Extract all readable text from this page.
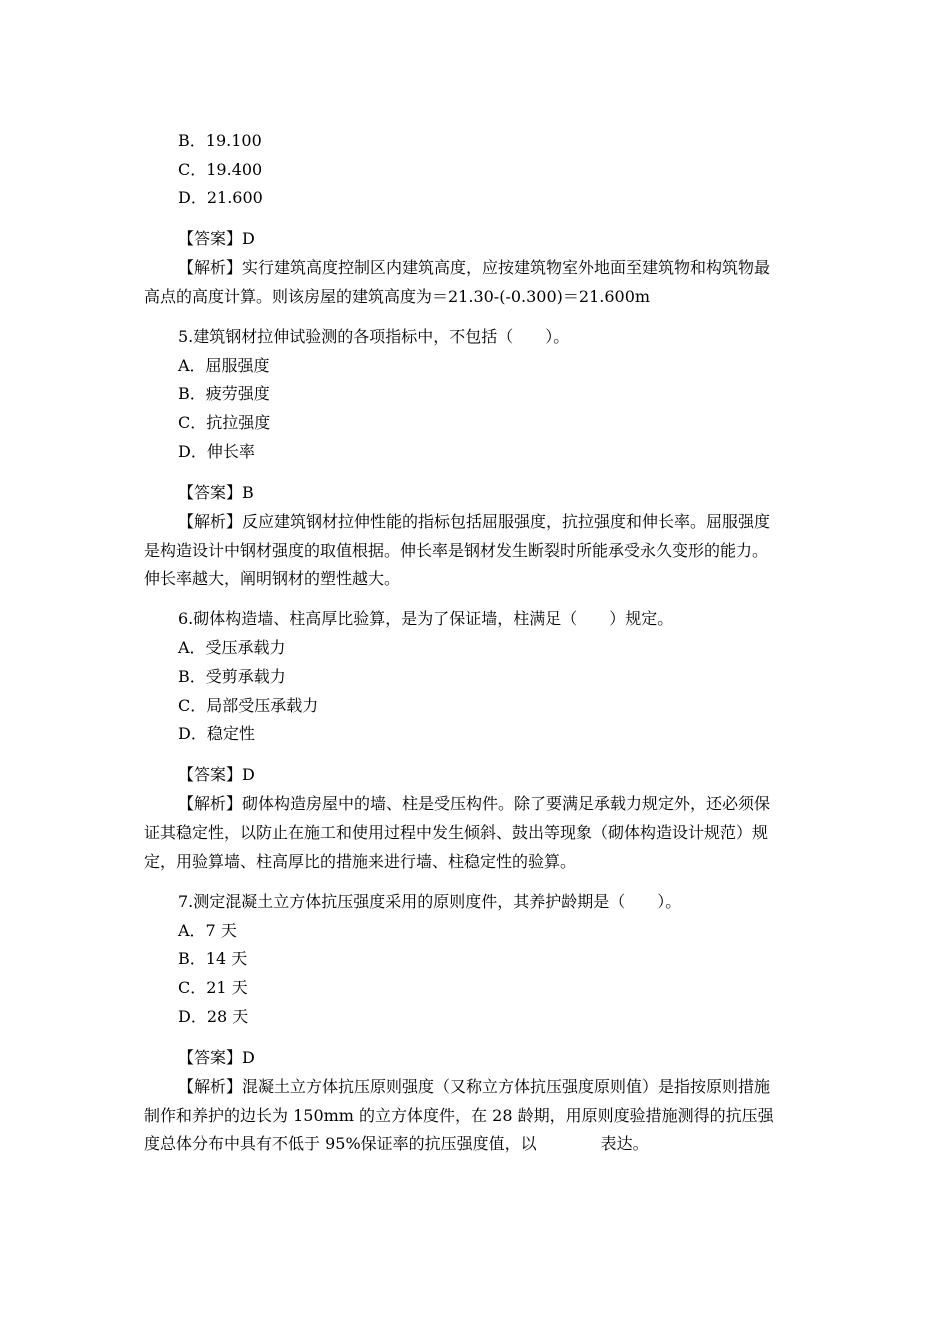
B．19.100
C．19.400
D．21.600
【答案】D
【解析】实行建筑高度控制区内建筑高度，应按建筑物室外地面至建筑物和构筑物最
高点的高度计算。则该房屋的建筑高度为＝21.30-(-0.300)＝21.600m
5.建筑钢材拉伸试验测的各项指标中，不包括（　　）。
A．屈服强度
B．疲劳强度
C．抗拉强度
D．伸长率
【答案】B
【解析】反应建筑钢材拉伸性能的指标包括屈服强度，抗拉强度和伸长率。屈服强度
是构造设计中钢材强度的取值根据。伸长率是钢材发生断裂时所能承受永久变形的能力。
伸长率越大，阐明钢材的塑性越大。
6.砌体构造墙、柱高厚比验算，是为了保证墙，柱满足（　　）规定。
A．受压承载力
B．受剪承载力
C．局部受压承载力
D．稳定性
【答案】D
【解析】砌体构造房屋中的墙、柱是受压构件。除了要满足承载力规定外，还必须保
证其稳定性，以防止在施工和使用过程中发生倾斜、鼓出等现象（砌体构造设计规范）规
定，用验算墙、柱高厚比的措施来进行墙、柱稳定性的验算。
7.测定混凝土立方体抗压强度采用的原则度件，其养护龄期是（　　）。
A．7 天
B．14 天
C．21 天
D．28 天
【答案】D
【解析】混凝土立方体抗压原则强度（又称立方体抗压强度原则值）是指按原则措施
制作和养护的边长为 150mm 的立方体度件，在 28 龄期，用原则度验措施测得的抗压强
度总体分布中具有不低于 95%保证率的抗压强度值，以	表达。
